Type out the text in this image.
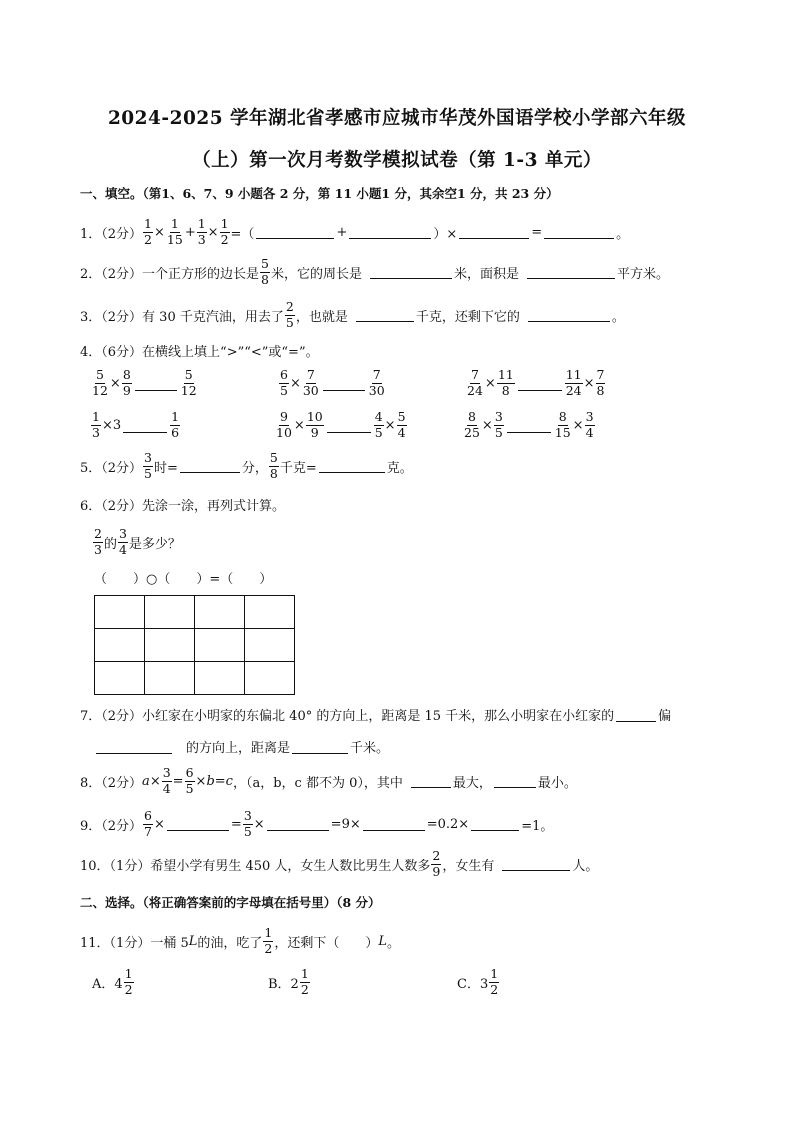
2024-2025 学年湖北省孝感市应城市华茂外国语学校小学部六年级
（上）第一次月考数学模拟试卷（第 1-3 单元）
一、填空。（第1、6、7、9 小题各 2 分，第 11 小题1 分，其余空1 分，共 23 分）
1．（2分） $\frac{1}{2} \times \frac{1}{15} + \frac{1}{3} \times \frac{1}{2}$ =（	+	）×	=	。
2．（2分）一个正方形的边长是 $\frac{5}{8}$ 米，它的周长是	米，面积是	平方米。
3．（2分）有 30 千克汽油，用去了 $\frac{2}{5}$ ，也就是	千克，还剩下它的	。
4．（6分）在横线上填上“>”“<”或“=”。
$\frac{5}{12} \times \frac{8}{9}$	$\frac{5}{12}$	$\frac{6}{5} \times \frac{7}{30}$	$\frac{7}{30}$	$\frac{7}{24} \times \frac{11}{8}$	$\frac{11}{24} \times \frac{7}{8}$
$\frac{1}{3} \times 3$	$\frac{1}{6}$	$\frac{9}{10} \times \frac{10}{9}$	$\frac{4}{5} \times \frac{5}{4}$	$\frac{8}{25} \times \frac{3}{5}$	$\frac{8}{15} \times \frac{3}{4}$
5．（2分） $\frac{3}{5}$ 时=	分， $\frac{5}{8}$ 千克=	克。
6．（2分）先涂一涂，再列式计算。
$\frac{2}{3}$ 的 $\frac{3}{4}$ 是多少？
（　　）○（　　）=（　　）

7．（2分）小红家在小明家的东偏北 40° 的方向上，距离是 15 千米，那么小明家在小红家的	偏
的方向上，距离是	千米。
8．（2分） $a \times \frac{3}{4} = \frac{6}{5} \times b = c$ ，（a，b，c 都不为 0），其中	最大，	最小。
9．（2分） $\frac{6}{7}$ ×	= $\frac{3}{5}$ ×	=9×	=0.2×	=1。
10．（1分）希望小学有男生 450 人，女生人数比男生人数多 $\frac{2}{9}$ ，女生有	人。
二、选择。（将正确答案前的字母填在括号里）（8 分）
11．（1分）一桶 5 L 的油，吃了 $\frac{1}{2}$ ，还剩下（　　） L 。
A．$4 \frac{1}{2}$	B．$2 \frac{1}{2}$	C．$3 \frac{1}{2}$
